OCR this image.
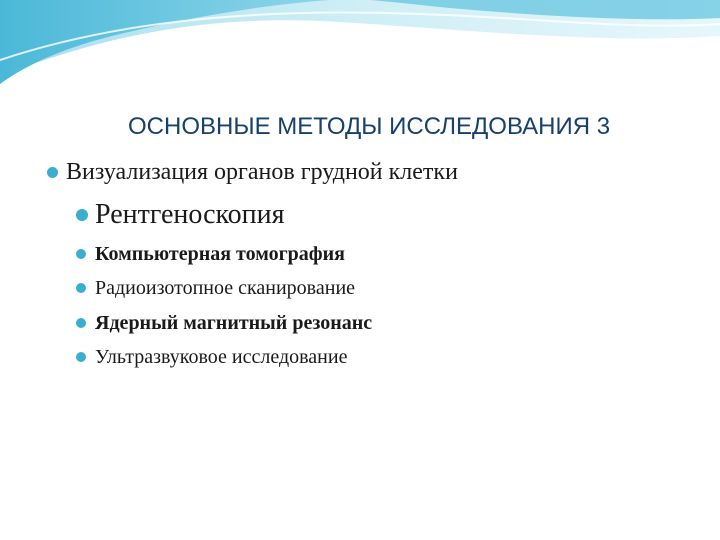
ОСНОВНЫЕ МЕТОДЫ ИССЛЕДОВАНИЯ 3
Визуализация органов грудной клетки
Рентгеноскопия
Компьютерная томография
Радиоизотопное сканирование
Ядерный магнитный резонанс
Ультразвуковое исследование
